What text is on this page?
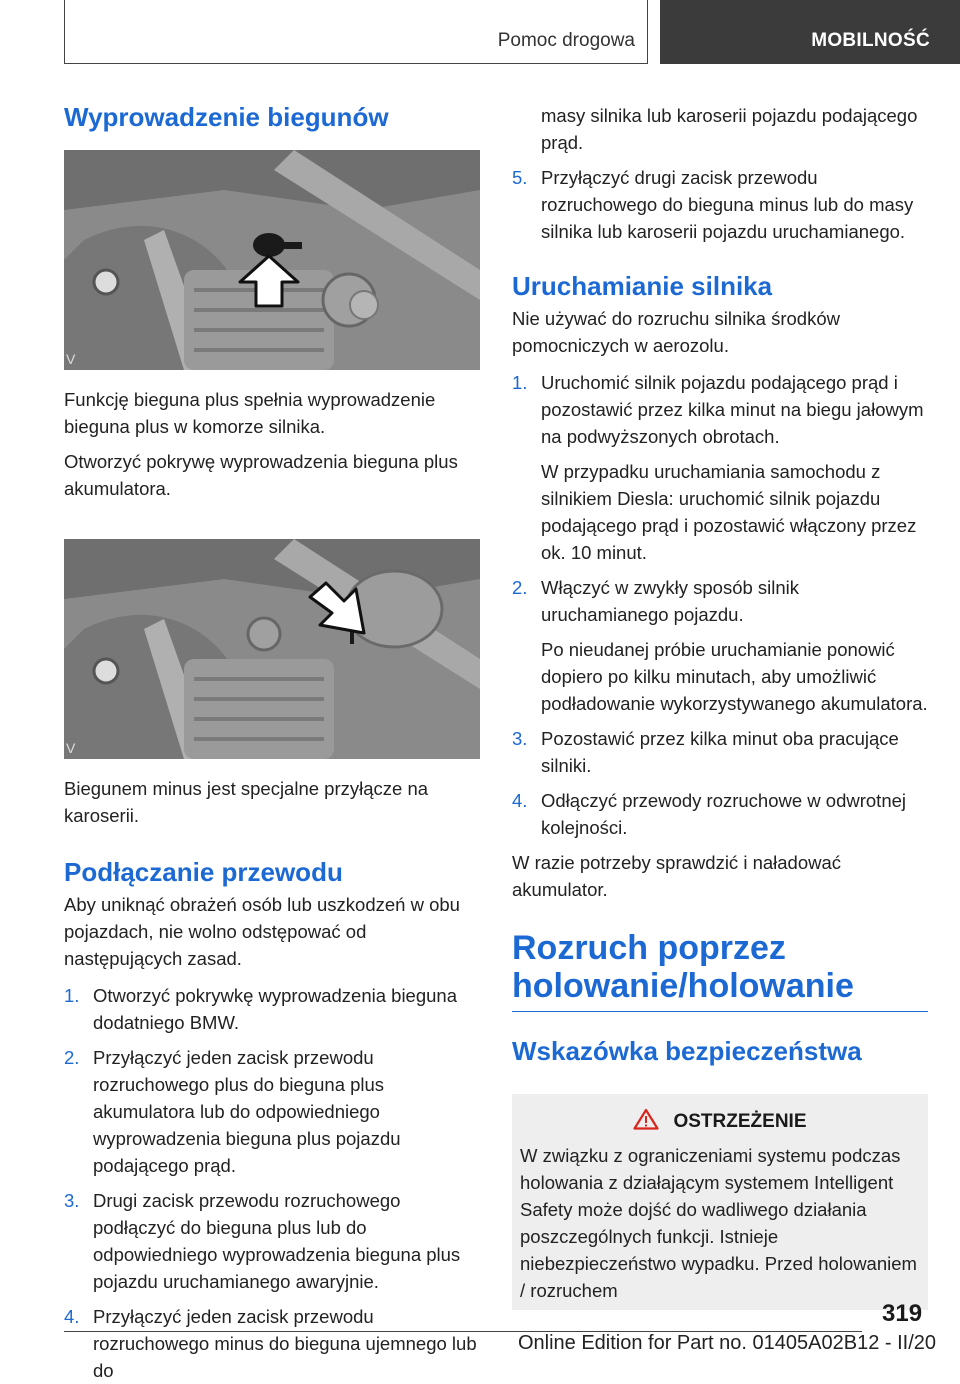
Pomoc drogowa	MOBILNOŚĆ
Wyprowadzenie biegunów
V
Funkcję bieguna plus spełnia wyprowadzenie bieguna plus w komorze silnika.
Otworzyć pokrywę wyprowadzenia bieguna plus akumulatora.
V
Biegunem minus jest specjalne przyłącze na karoserii.
Podłączanie przewodu
Aby uniknąć obrażeń osób lub uszkodzeń w obu pojazdach, nie wolno odstępować od następujących zasad.
1. Otworzyć pokrywkę wyprowadzenia bieguna dodatniego BMW.
2. Przyłączyć jeden zacisk przewodu rozruchowego plus do bieguna plus akumulatora lub do odpowiedniego wyprowadzenia bieguna plus pojazdu podającego prąd.
3. Drugi zacisk przewodu rozruchowego podłączyć do bieguna plus lub do odpowiedniego wyprowadzenia bieguna plus pojazdu uruchamianego awaryjnie.
4. Przyłączyć jeden zacisk przewodu rozruchowego minus do bieguna ujemnego lub do
masy silnika lub karoserii pojazdu podającego prąd.
5. Przyłączyć drugi zacisk przewodu rozruchowego do bieguna minus lub do masy silnika lub karoserii pojazdu uruchamianego.
Uruchamianie silnika
Nie używać do rozruchu silnika środków pomocniczych w aerozolu.
1. Uruchomić silnik pojazdu podającego prąd i pozostawić przez kilka minut na biegu jałowym na podwyższonych obrotach.
W przypadku uruchamiania samochodu z silnikiem Diesla: uruchomić silnik pojazdu podającego prąd i pozostawić włączony przez ok. 10 minut.
2. Włączyć w zwykły sposób silnik uruchamianego pojazdu.
Po nieudanej próbie uruchamianie ponowić dopiero po kilku minutach, aby umożliwić podładowanie wykorzystywanego akumulatora.
3. Pozostawić przez kilka minut oba pracujące silniki.
4. Odłączyć przewody rozruchowe w odwrotnej kolejności.
W razie potrzeby sprawdzić i naładować akumulator.
Rozruch poprzez holowanie/holowanie
Wskazówka bezpieczeństwa
OSTRZEŻENIE
W związku z ograniczeniami systemu podczas holowania z działającym systemem Intelligent Safety może dojść do wadliwego działania poszczególnych funkcji. Istnieje niebezpieczeństwo wypadku. Przed holowaniem / rozruchem
319
Online Edition for Part no. 01405A02B12 - II/20
